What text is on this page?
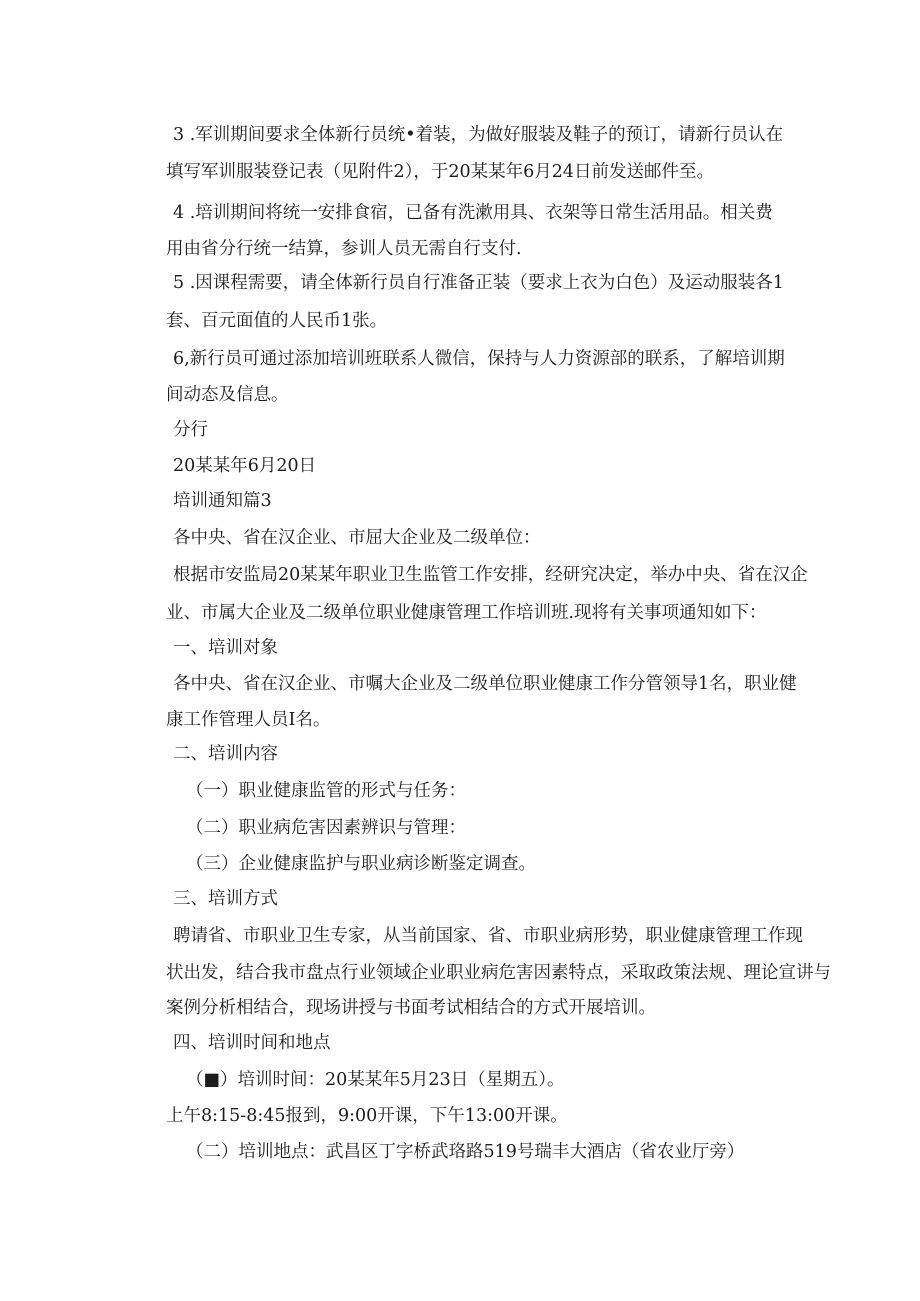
3 .军训期间要求全体新行员统•着装，为做好服装及鞋子的预订，请新行员认在
填写军训服装登记表（见附件2），于20某某年6月24日前发送邮件至。
4 .培训期间将统一安排食宿，已备有洗漱用具、衣架等日常生活用品。相关费
用由省分行统一结算，参训人员无需自行支付.
5 .因课程需要，请全体新行员自行准备正装（要求上衣为白色）及运动服装各1
套、百元面值的人民币1张。
6,新行员可通过添加培训班联系人微信，保持与人力资源部的联系，了解培训期
间动态及信息。
分行
20某某年6月20日
培训通知篇3
各中央、省在汉企业、市屈大企业及二级单位：
根据市安监局20某某年职业卫生监管工作安排，经研究决定，举办中央、省在汉企
业、市属大企业及二级单位职业健康管理工作培训班.现将有关事项通知如下：
一、培训对象
各中央、省在汉企业、市嘱大企业及二级单位职业健康工作分管领导1名，职业健
康工作管理人员I名。
二、培训内容
（一）职业健康监管的形式与任务：
（二）职业病危害因素辨识与管理：
（三）企业健康监护与职业病诊断鉴定调查。
三、培训方式
聘请省、市职业卫生专家，从当前国家、省、市职业病形势，职业健康管理工作现
状出发，结合我市盘点行业领域企业职业病危害因素特点，采取政策法规、理论宣讲与
案例分析相结合，现场讲授与书面考试相结合的方式开展培训。
四、培训时间和地点
（■）培训时间：20某某年5月23日（星期五）。
上午8:15-8:45报到，9:00开课，下午13:00开课。
（二）培训地点：武昌区丁字桥武珞路519号瑞丰大酒店（省农业厅旁）
